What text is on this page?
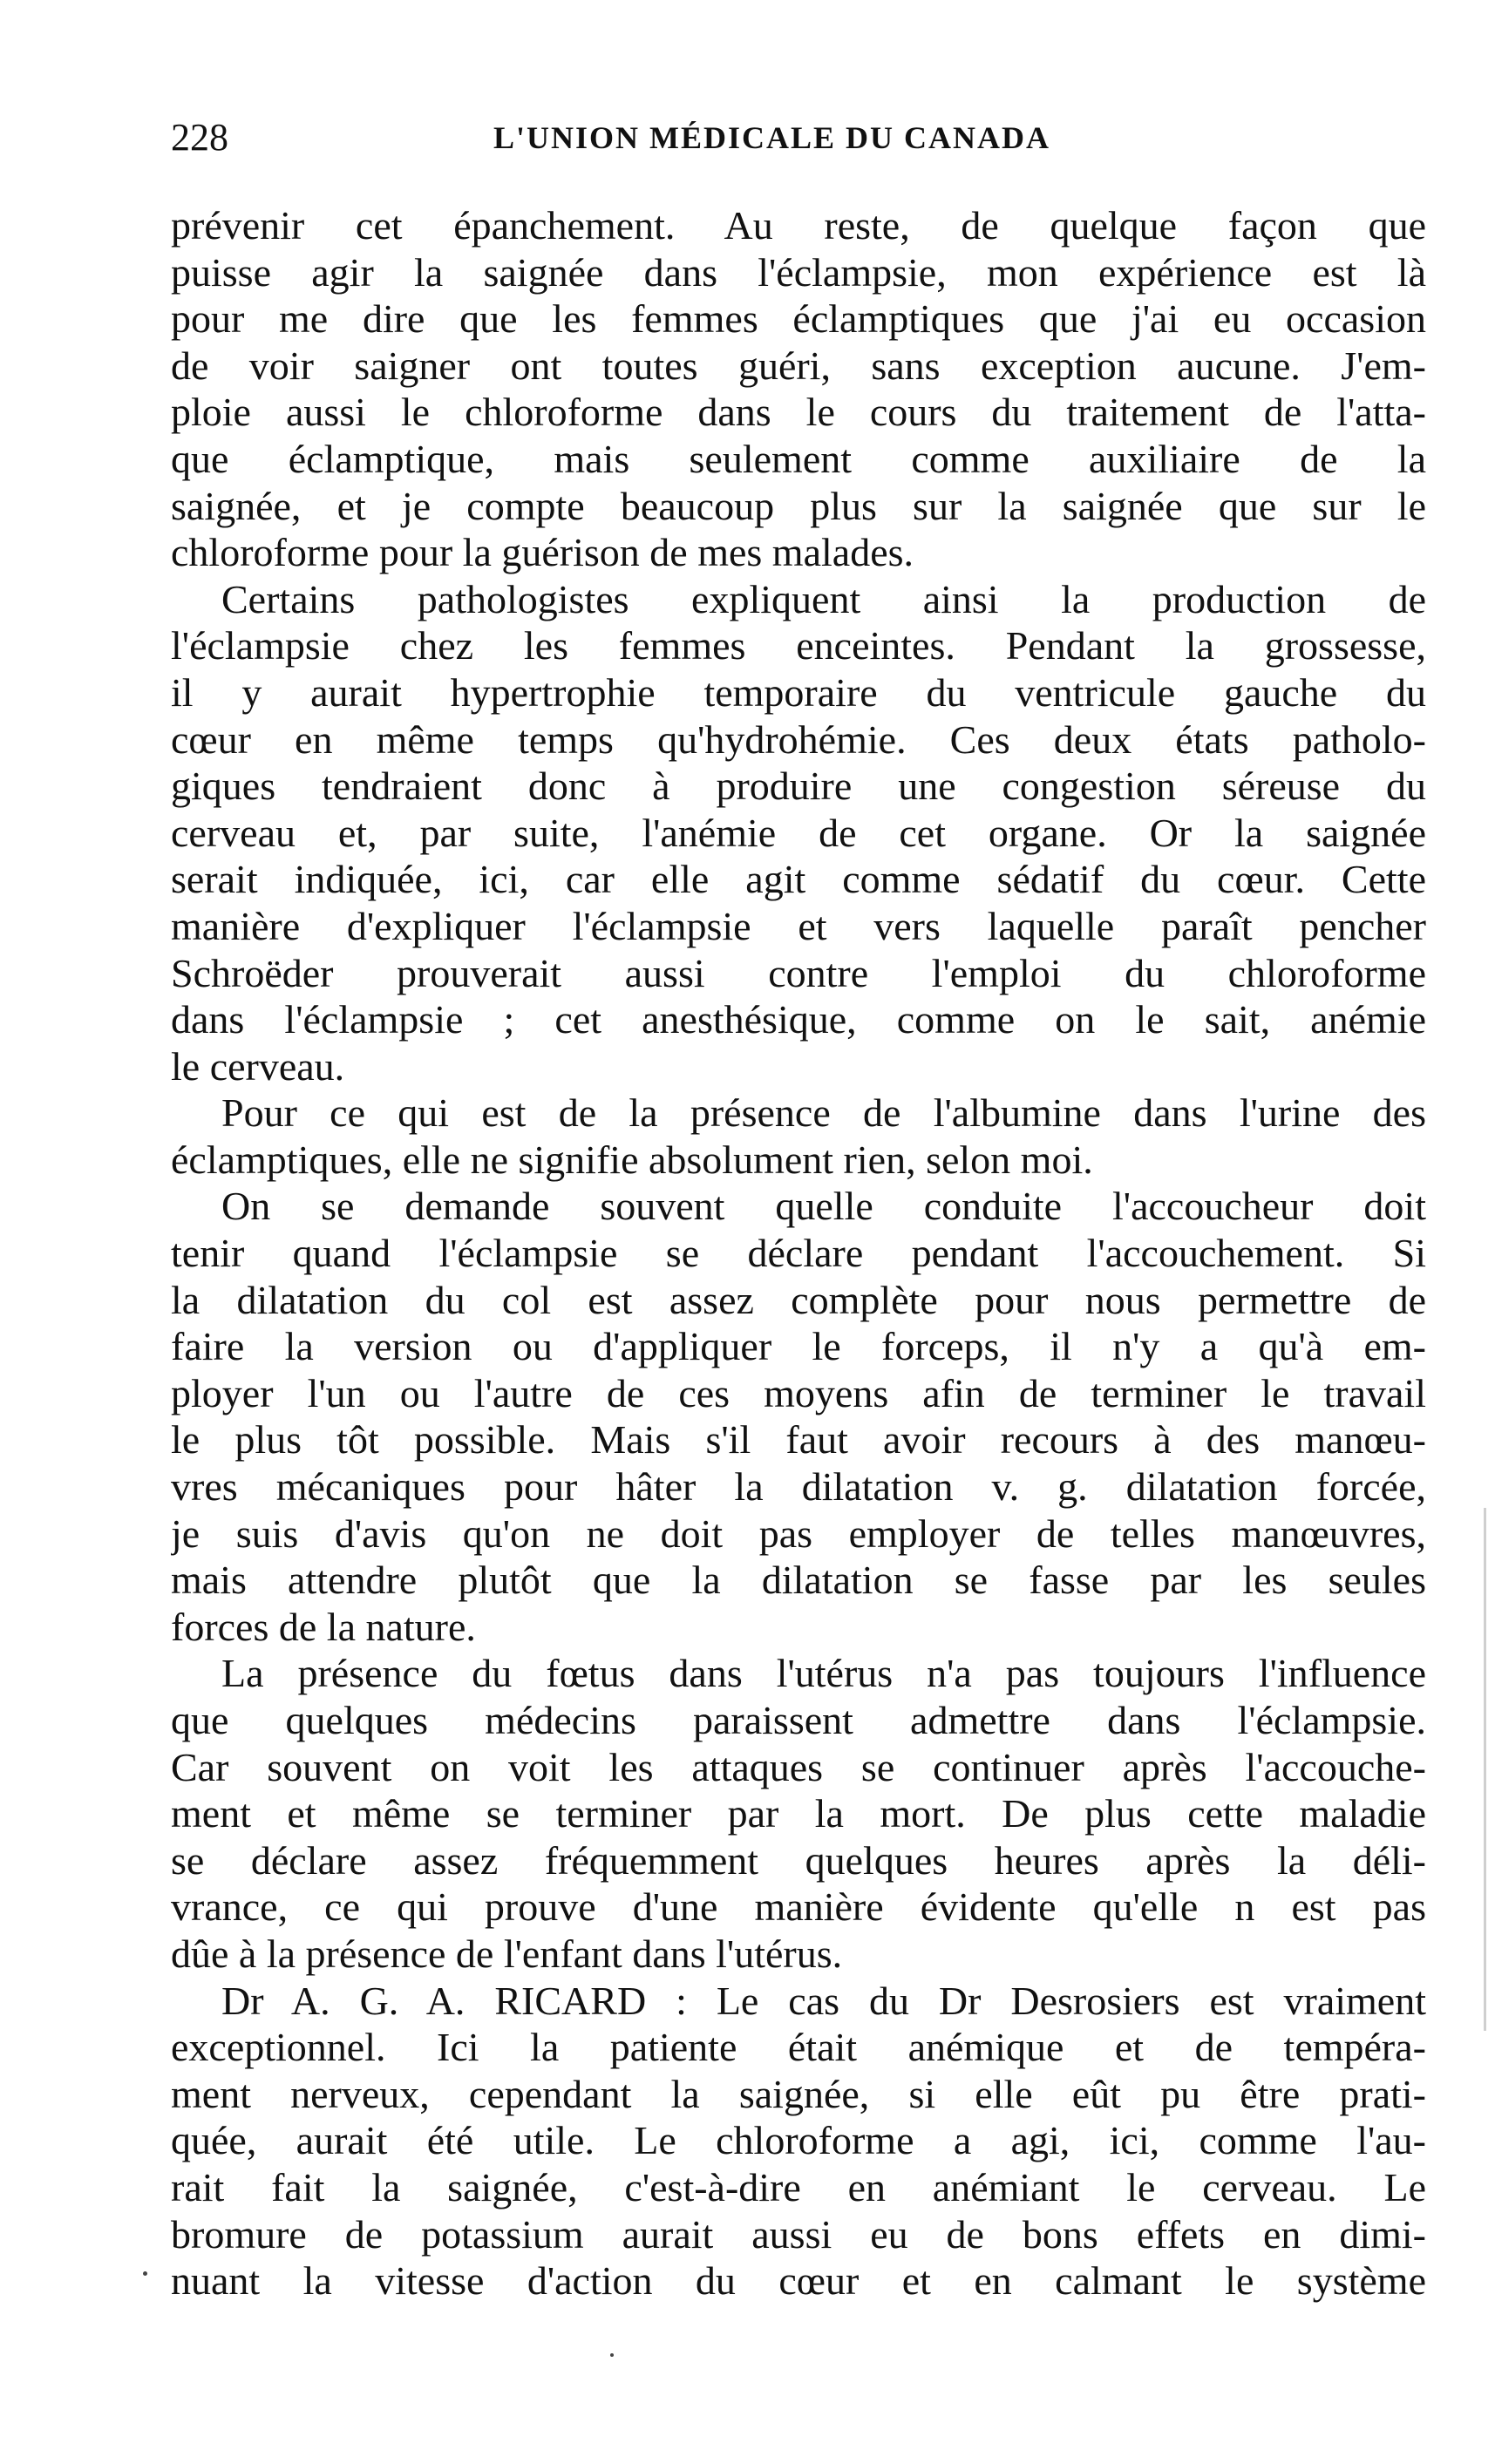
228	L'UNION MÉDICALE DU CANADA
prévenir cet épanchement. Au reste, de quelque façon que
puisse agir la saignée dans l'éclampsie, mon expérience est là
pour me dire que les femmes éclamptiques que j'ai eu occasion
de voir saigner ont toutes guéri, sans exception aucune. J'em-
ploie aussi le chloroforme dans le cours du traitement de l'atta-
que éclamptique, mais seulement comme auxiliaire de la
saignée, et je compte beaucoup plus sur la saignée que sur le
chloroforme pour la guérison de mes malades.
Certains pathologistes expliquent ainsi la production de
l'éclampsie chez les femmes enceintes. Pendant la grossesse,
il y aurait hypertrophie temporaire du ventricule gauche du
cœur en même temps qu'hydrohémie. Ces deux états patholo-
giques tendraient donc à produire une congestion séreuse du
cerveau et, par suite, l'anémie de cet organe. Or la saignée
serait indiquée, ici, car elle agit comme sédatif du cœur. Cette
manière d'expliquer l'éclampsie et vers laquelle paraît pencher
Schroëder prouverait aussi contre l'emploi du chloroforme
dans l'éclampsie ; cet anesthésique, comme on le sait, anémie
le cerveau.
Pour ce qui est de la présence de l'albumine dans l'urine des
éclamptiques, elle ne signifie absolument rien, selon moi.
On se demande souvent quelle conduite l'accoucheur doit
tenir quand l'éclampsie se déclare pendant l'accouchement. Si
la dilatation du col est assez complète pour nous permettre de
faire la version ou d'appliquer le forceps, il n'y a qu'à em-
ployer l'un ou l'autre de ces moyens afin de terminer le travail
le plus tôt possible. Mais s'il faut avoir recours à des manœu-
vres mécaniques pour hâter la dilatation v. g. dilatation forcée,
je suis d'avis qu'on ne doit pas employer de telles manœuvres,
mais attendre plutôt que la dilatation se fasse par les seules
forces de la nature.
La présence du fœtus dans l'utérus n'a pas toujours l'influence
que quelques médecins paraissent admettre dans l'éclampsie.
Car souvent on voit les attaques se continuer après l'accouche-
ment et même se terminer par la mort. De plus cette maladie
se déclare assez fréquemment quelques heures après la déli-
vrance, ce qui prouve d'une manière évidente qu'elle n est pas
dûe à la présence de l'enfant dans l'utérus.
Dr A. G. A. RICARD : Le cas du Dr Desrosiers est vraiment
exceptionnel. Ici la patiente était anémique et de tempéra-
ment nerveux, cependant la saignée, si elle eût pu être prati-
quée, aurait été utile. Le chloroforme a agi, ici, comme l'au-
rait fait la saignée, c'est-à-dire en anémiant le cerveau. Le
bromure de potassium aurait aussi eu de bons effets en dimi-
nuant la vitesse d'action du cœur et en calmant le système
